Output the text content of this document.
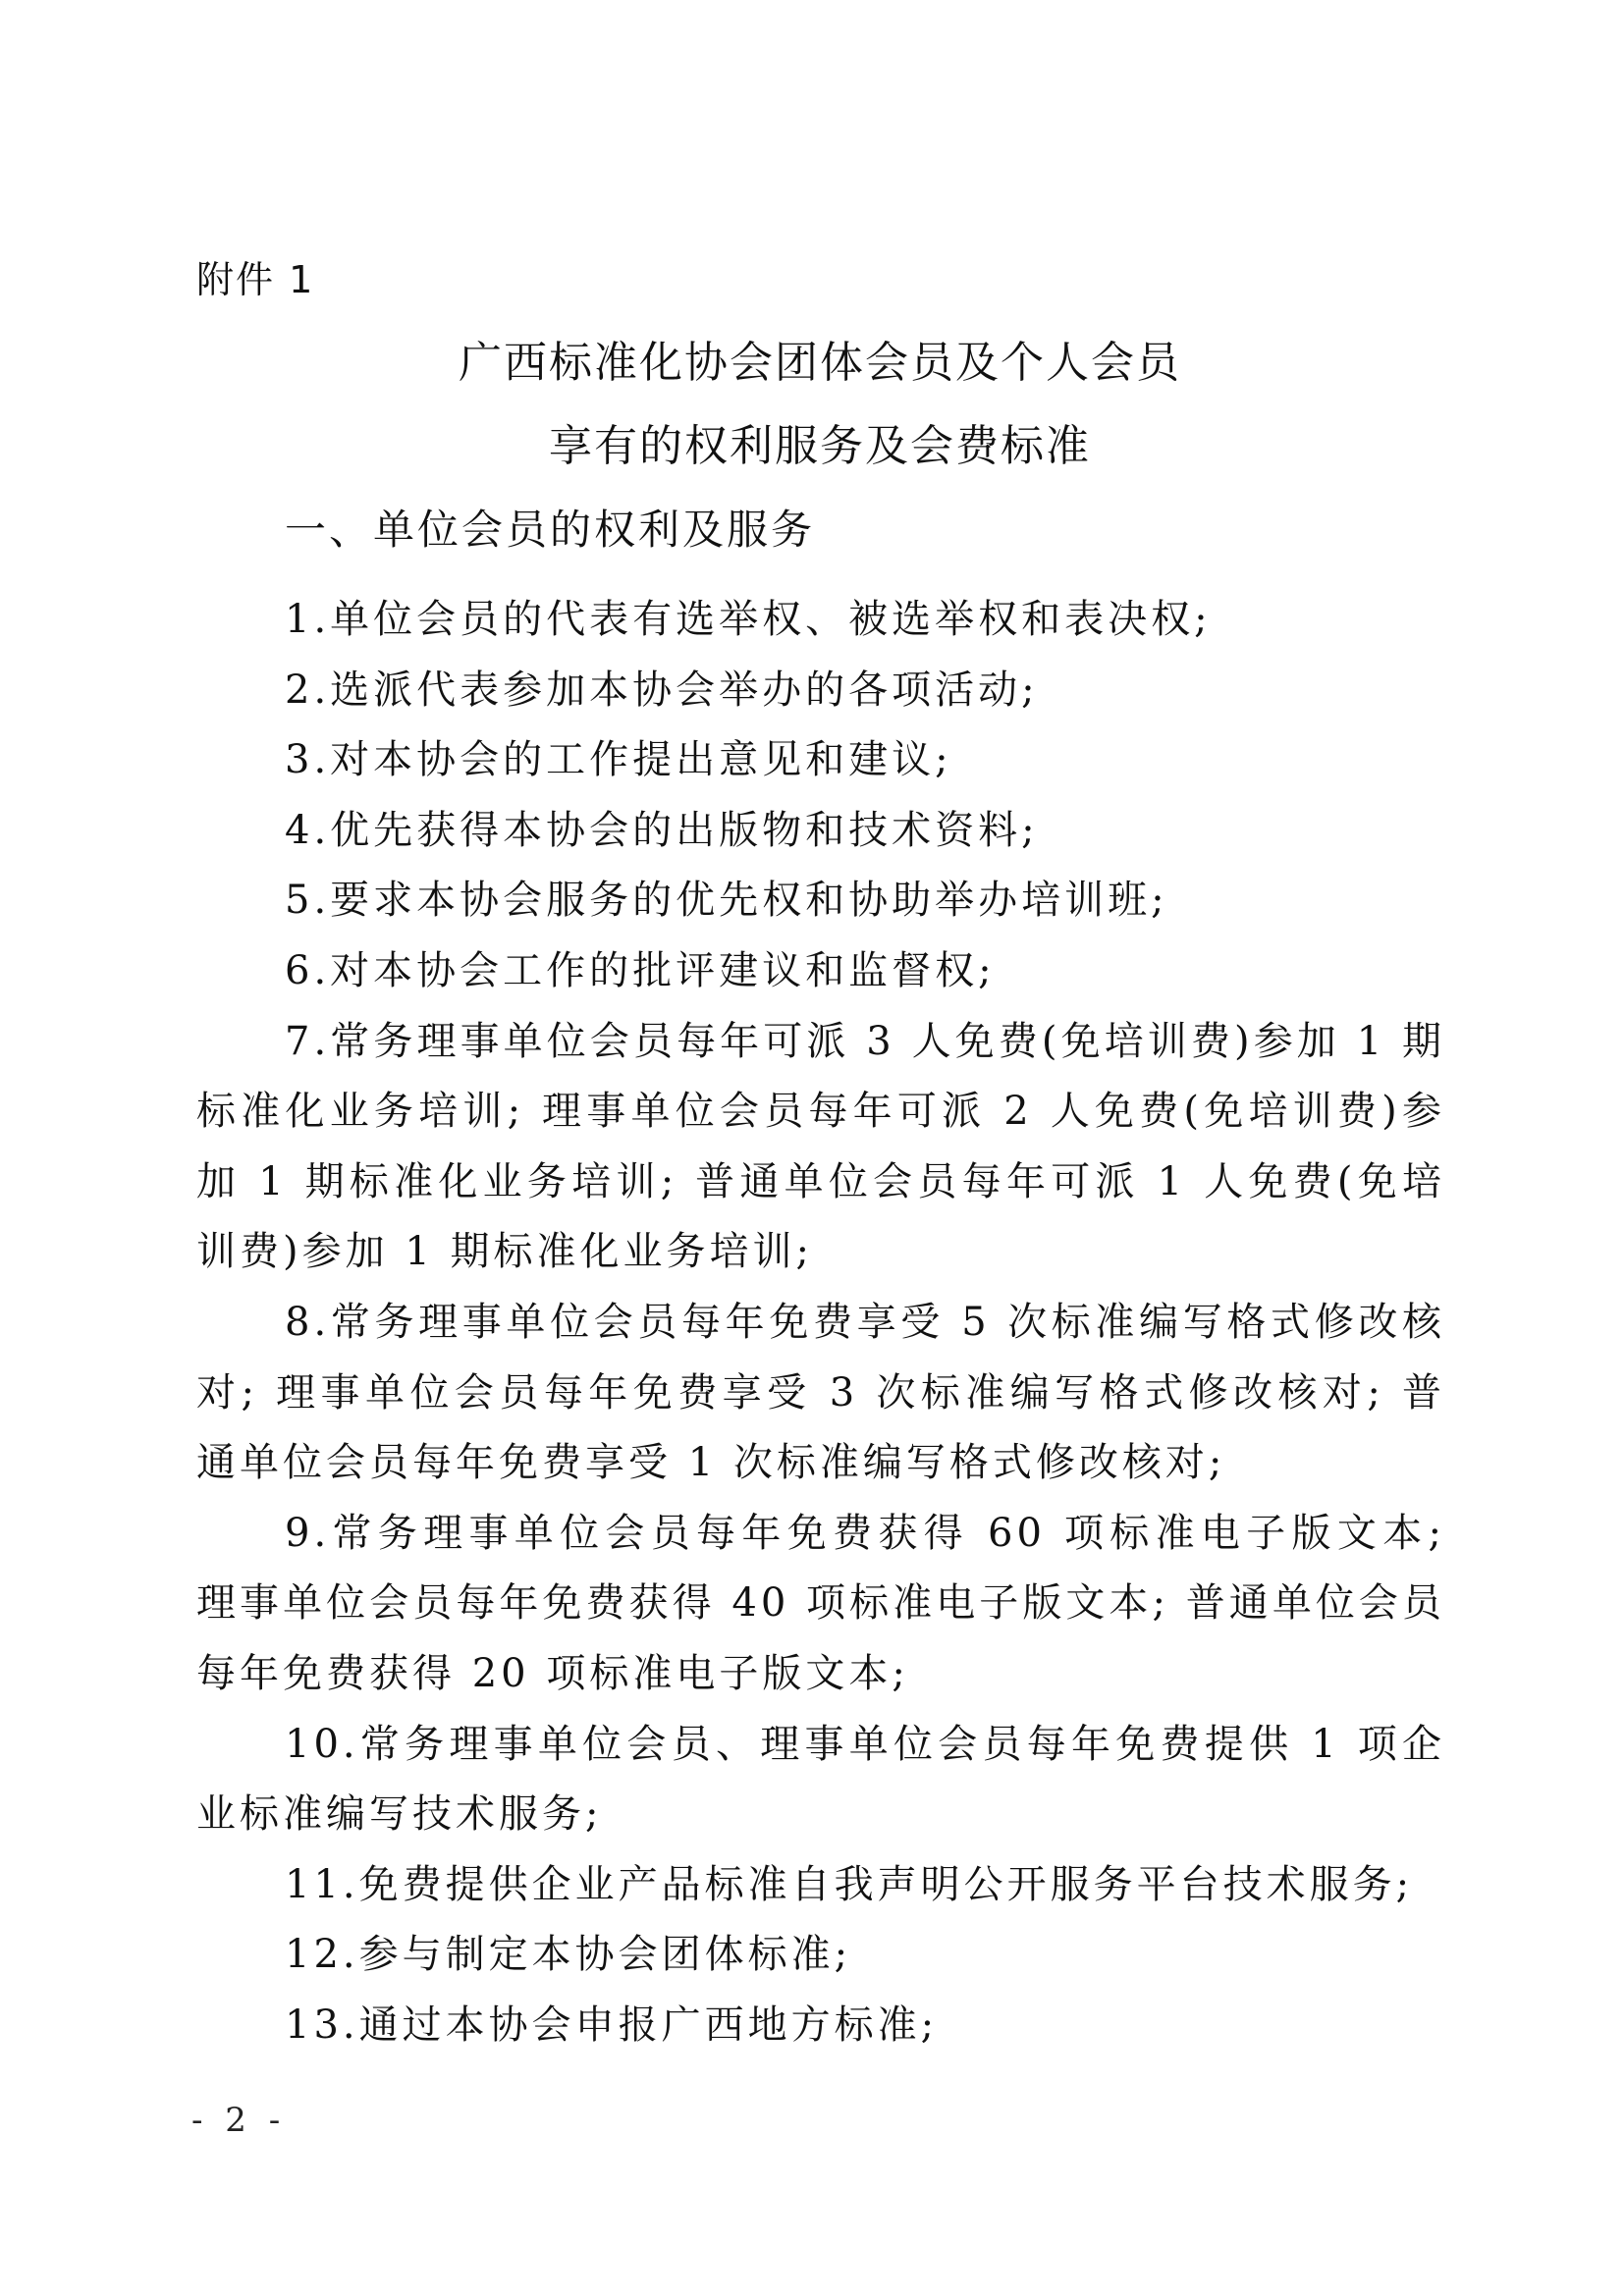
附件 1
广西标准化协会团体会员及个人会员
享有的权利服务及会费标准
一、单位会员的权利及服务
1.单位会员的代表有选举权、被选举权和表决权;
2.选派代表参加本协会举办的各项活动;
3.对本协会的工作提出意见和建议;
4.优先获得本协会的出版物和技术资料;
5.要求本协会服务的优先权和协助举办培训班;
6.对本协会工作的批评建议和监督权;
7.常务理事单位会员每年可派 3 人免费(免培训费)参加 1 期标准化业务培训; 理事单位会员每年可派 2 人免费(免培训费)参加 1 期标准化业务培训; 普通单位会员每年可派 1 人免费(免培训费)参加 1 期标准化业务培训;
8.常务理事单位会员每年免费享受 5 次标准编写格式修改核对; 理事单位会员每年免费享受 3 次标准编写格式修改核对; 普通单位会员每年免费享受 1 次标准编写格式修改核对;
9.常务理事单位会员每年免费获得 60 项标准电子版文本; 理事单位会员每年免费获得 40 项标准电子版文本; 普通单位会员每年免费获得 20 项标准电子版文本;
10.常务理事单位会员、理事单位会员每年免费提供 1 项企业标准编写技术服务;
11.免费提供企业产品标准自我声明公开服务平台技术服务;
12.参与制定本协会团体标准;
13.通过本协会申报广西地方标准;
- 2 -
